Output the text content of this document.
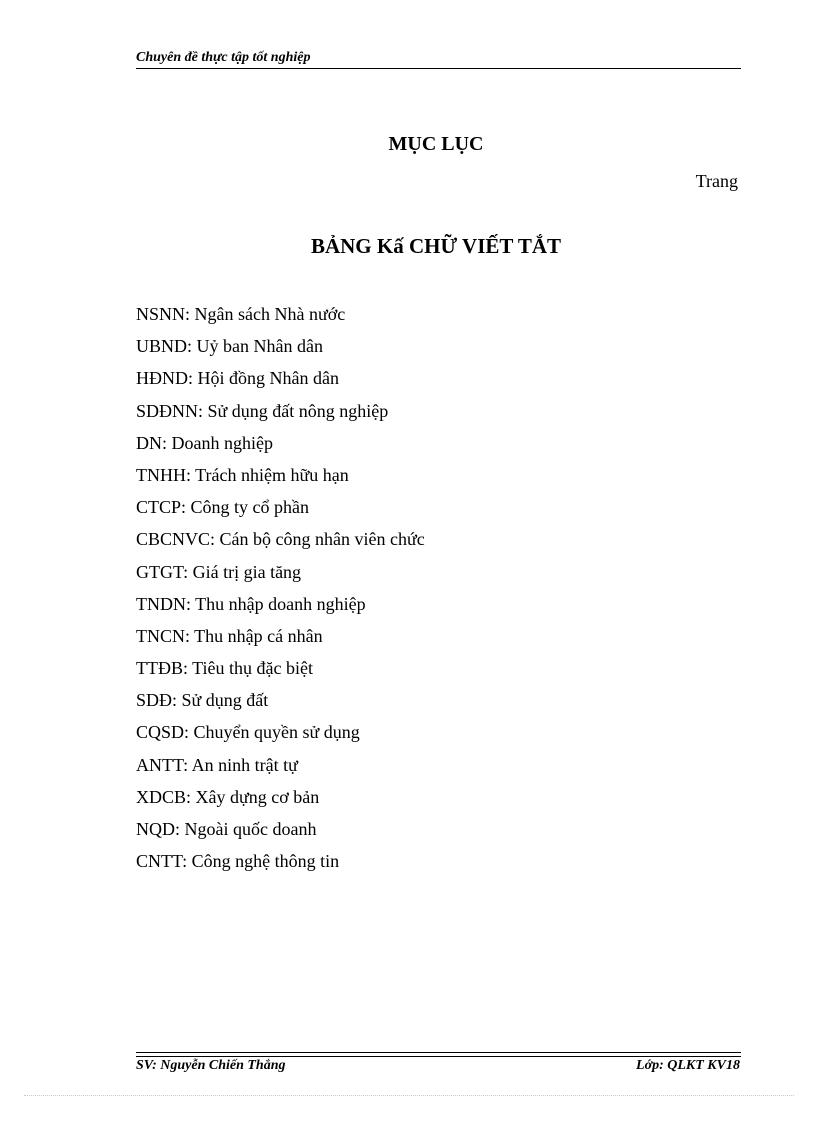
Chuyên đề thực tập tốt nghiệp
MỤC LỤC
Trang
BẢNG Kấ CHỮ VIẾT TẮT
NSNN: Ngân sách Nhà nước
UBND: Uỷ ban Nhân dân
HĐND: Hội đồng Nhân dân
SDĐNN: Sử dụng đất nông nghiệp
DN: Doanh nghiệp
TNHH: Trách nhiệm hữu hạn
CTCP: Công ty cổ phần
CBCNVC: Cán bộ công nhân viên chức
GTGT: Giá trị gia tăng
TNDN: Thu nhập doanh nghiệp
TNCN: Thu nhập cá nhân
TTĐB: Tiêu thụ đặc biệt
SDĐ: Sử dụng đất
CQSD: Chuyển quyền sử dụng
ANTT: An ninh trật tự
XDCB: Xây dựng cơ bản
NQD: Ngoài quốc doanh
CNTT: Công nghệ thông tin
SV: Nguyễn Chiến Thắng	Lớp: QLKT KV18
